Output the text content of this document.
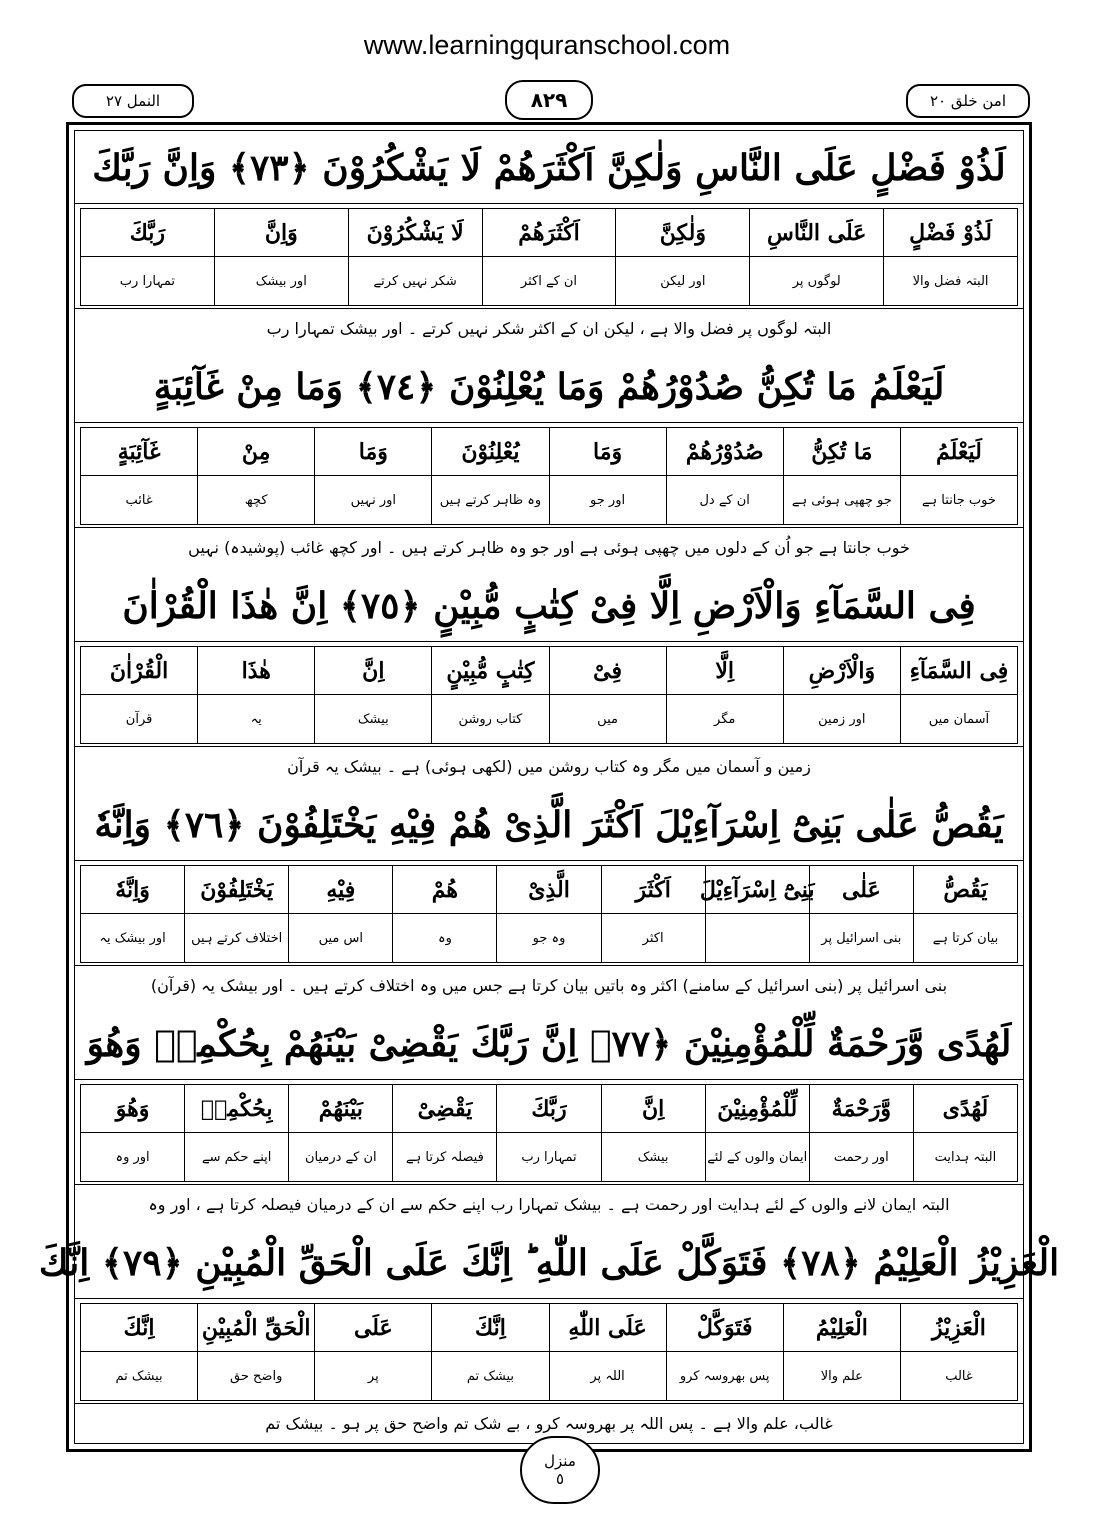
www.learningquranschool.com
النمل ٢٧	٨٢٩	امن خلق ٢٠
لَذُوْ فَضْلٍ عَلَى النَّاسِ وَلٰكِنَّ اَكْثَرَهُمْ لَا يَشْكُرُوْنَ ﴿٧٣﴾ وَاِنَّ رَبَّكَ
لَذُوْ فَضْلٍ
البتہ فضل والا
عَلَى النَّاسِ
لوگوں پر
وَلٰكِنَّ
اور لیکن
اَكْثَرَهُمْ
ان کے اکثر
لَا يَشْكُرُوْنَ
شکر نہیں کرتے
وَاِنَّ
اور بیشک
رَبَّكَ
تمہارا رب
البتہ لوگوں پر فضل والا ہے ، لیکن ان کے اکثر شکر نہیں کرتے ۔ اور بیشک تمہارا رب
لَيَعْلَمُ مَا تُكِنُّ صُدُوْرُهُمْ وَمَا يُعْلِنُوْنَ ﴿٧٤﴾ وَمَا مِنْ غَآئِبَةٍ
لَيَعْلَمُ
خوب جانتا ہے
مَا تُكِنُّ
جو چھپی ہوئی ہے
صُدُوْرُهُمْ
ان کے دل
وَمَا
اور جو
يُعْلِنُوْنَ
وہ ظاہر کرتے ہیں
وَمَا
اور نہیں
مِنْ
کچھ
غَآئِبَةٍ
غائب
خوب جانتا ہے جو اُن کے دلوں میں چھپی ہوئی ہے اور جو وہ ظاہر کرتے ہیں ۔ اور کچھ غائب (پوشیدہ) نہیں
فِى السَّمَآءِ وَالْاَرْضِ اِلَّا فِىْ كِتٰبٍ مُّبِيْنٍ ﴿٧٥﴾ اِنَّ هٰذَا الْقُرْاٰنَ
فِى السَّمَآءِ
آسمان میں
وَالْاَرْضِ
اور زمین
اِلَّا
مگر
فِىْ
میں
كِتٰبٍ مُّبِيْنٍ
کتاب روشن
اِنَّ
بیشک
هٰذَا
یہ
الْقُرْاٰنَ
قرآن
زمین و آسمان میں مگر وہ کتاب روشن میں (لکھی ہوئی) ہے ۔ بیشک یہ قرآن
يَقُصُّ عَلٰى بَنِىْٓ اِسْرَآءِيْلَ اَكْثَرَ الَّذِىْ هُمْ فِيْهِ يَخْتَلِفُوْنَ ﴿٧٦﴾ وَاِنَّهٗ
يَقُصُّ
بیان کرتا ہے
عَلٰى
بنی اسرائیل پر
بَنِىْٓ اِسْرَآءِيْلَ
اَكْثَرَ
اکثر
الَّذِىْ
وہ جو
هُمْ
وہ
فِيْهِ
اس میں
يَخْتَلِفُوْنَ
اختلاف کرتے ہیں
وَاِنَّهٗ
اور بیشک یہ
بنی اسرائیل پر (بنی اسرائیل کے سامنے) اکثر وہ باتیں بیان کرتا ہے جس میں وہ اختلاف کرتے ہیں ۔ اور بیشک یہ (قرآن)
لَهُدًى وَّرَحْمَةٌ لِّلْمُؤْمِنِيْنَ ﴿٧٧﴾ اِنَّ رَبَّكَ يَقْضِىْ بَيْنَهُمْ بِحُكْمِهٖ وَهُوَ
لَهُدًى
البتہ ہدایت
وَّرَحْمَةٌ
اور رحمت
لِّلْمُؤْمِنِيْنَ
ایمان والوں کے لئے
اِنَّ
بیشک
رَبَّكَ
تمہارا رب
يَقْضِىْ
فیصلہ کرتا ہے
بَيْنَهُمْ
ان کے درمیان
بِحُكْمِهٖ
اپنے حکم سے
وَهُوَ
اور وہ
البتہ ایمان لانے والوں کے لئے ہدایت اور رحمت ہے ۔ بیشک تمہارا رب اپنے حکم سے ان کے درمیان فیصلہ کرتا ہے ، اور وہ
الْعَزِيْزُ الْعَلِيْمُ ﴿٧٨﴾ فَتَوَكَّلْ عَلَى اللّٰهِ ؕ اِنَّكَ عَلَى الْحَقِّ الْمُبِيْنِ ﴿٧٩﴾ اِنَّكَ
الْعَزِيْزُ
غالب
الْعَلِيْمُ
علم والا
فَتَوَكَّلْ
پس بھروسہ کرو
عَلَى اللّٰهِ
اللہ پر
اِنَّكَ
بیشک تم
عَلَى
پر
الْحَقِّ الْمُبِيْنِ
واضح حق
اِنَّكَ
بیشک تم
غالب، علم والا ہے ۔ پس اللہ پر بھروسہ کرو ، بے شک تم واضح حق پر ہو ۔ بیشک تم
منزل
٥
